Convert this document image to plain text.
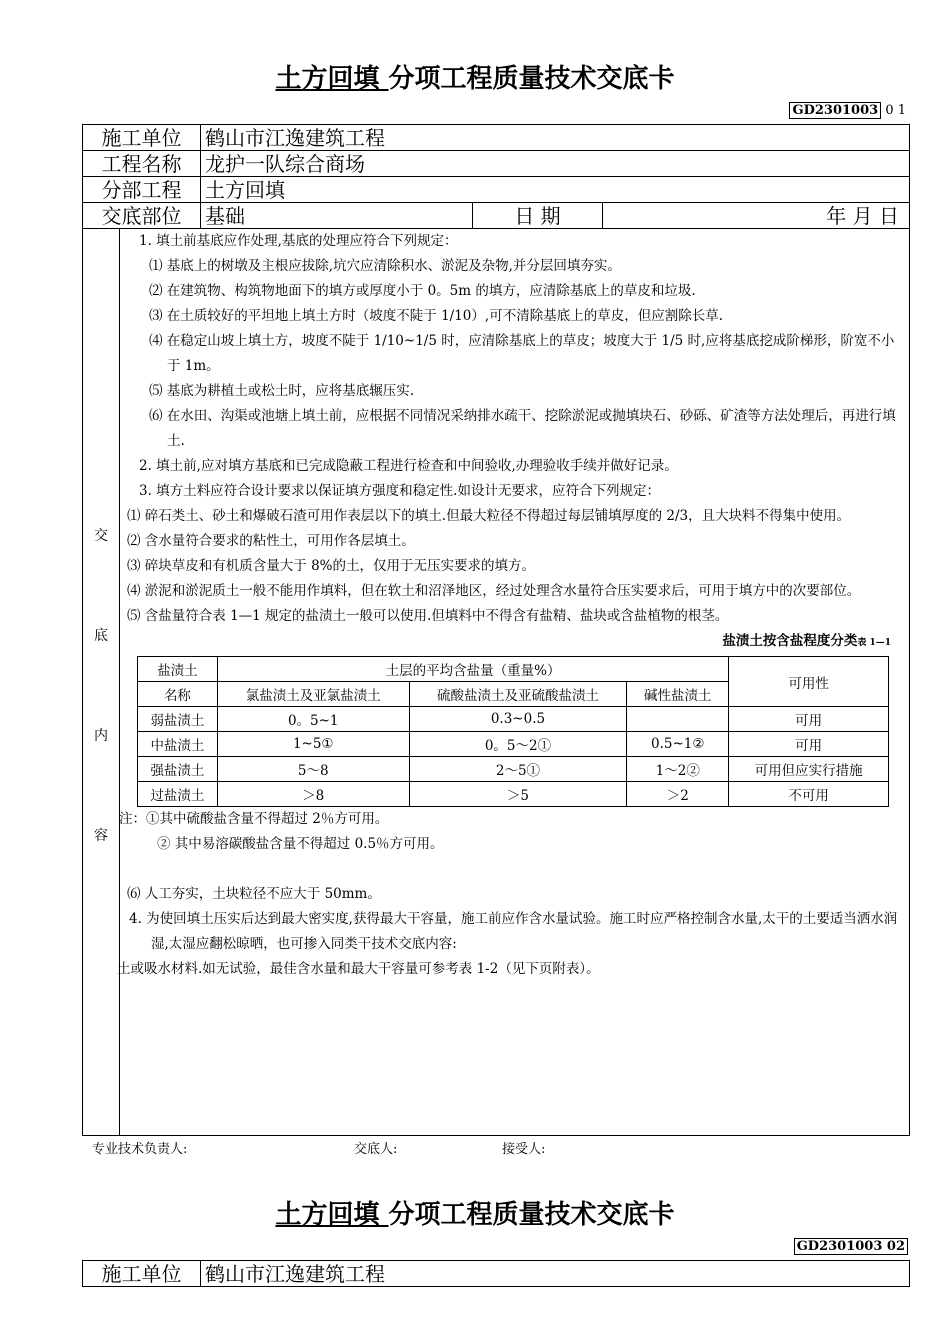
土方回填 分项工程质量技术交底卡
GD2301003 0 1
施工单位	鹤山市江逸建筑工程		
工程名称	龙护一队综合商场		
分部工程	土方回填		
交底部位	基础	日 期	年 月 日
交
底
内
容

1. 填土前基底应作处理,基底的处理应符合下列规定：

⑴ 基底上的树墩及主根应拔除,坑穴应清除积水、淤泥及杂物,并分层回填夯实。

⑵ 在建筑物、构筑物地面下的填方或厚度小于 0。5m 的填方，应清除基底上的草皮和垃圾.

⑶ 在土质较好的平坦地上填土方时（坡度不陡于 1/10）,可不清除基底上的草皮，但应割除长草.

⑷ 在稳定山坡上填土方，坡度不陡于 1/10~1/5 时，应清除基底上的草皮；坡度大于 1/5 时,应将基底挖成阶梯形，阶宽不小于 1m。

⑸ 基底为耕植土或松土时，应将基底辗压实.

⑹ 在水田、沟渠或池塘上填土前，应根据不同情况采纳排水疏干、挖除淤泥或抛填块石、砂砾、矿渣等方法处理后，再进行填土.

2. 填土前,应对填方基底和已完成隐蔽工程进行检查和中间验收,办理验收手续并做好记录。

3. 填方土料应符合设计要求以保证填方强度和稳定性.如设计无要求，应符合下列规定：

⑴ 碎石类土、砂土和爆破石渣可用作表层以下的填土.但最大粒径不得超过每层铺填厚度的 2/3，且大块料不得集中使用。

⑵ 含水量符合要求的粘性土，可用作各层填土。

⑶ 碎块草皮和有机质含量大于 8%的土，仅用于无压实要求的填方。

⑷ 淤泥和淤泥质土一般不能用作填料，但在软土和沼泽地区，经过处理含水量符合压实要求后，可用于填方中的次要部位。

⑸ 含盐量符合表 1—1 规定的盐渍土一般可以使用.但填料中不得含有盐精、盐块或含盐植物的根茎。

盐渍土按含盐程度分类表 1—1

盐渍土	土层的平均含盐量（重量%）			可用性
名称	氯盐渍土及亚氯盐渍土	硫酸盐渍土及亚硫酸盐渍土	碱性盐渍土	
弱盐渍土	0。5~1	0.3~0.5		可用
中盐渍土	1~5①	0。5～2①	0.5~1②	可用
强盐渍土	5～8	2～5①	1～2②	可用但应实行措施
过盐渍土	＞8	＞5	＞2	不可用

注：①其中硫酸盐含量不得超过 2％方可用。

② 其中易溶碳酸盐含量不得超过 0.5％方可用。

⑹ 人工夯实，土块粒径不应大于 50mm。

4. 为使回填土压实后达到最大密实度,获得最大干容量，施工前应作含水量试验。施工时应严格控制含水量,太干的土要适当洒水润湿,太湿应翻松晾晒，也可掺入同类干技术交底内容:

土或吸水材料.如无试验，最佳含水量和最大干容量可参考表 1-2（见下页附表）。

专业技术负责人:	交底人:	接受人:
土方回填 分项工程质量技术交底卡
GD2301003 02
施工单位	鹤山市江逸建筑工程
